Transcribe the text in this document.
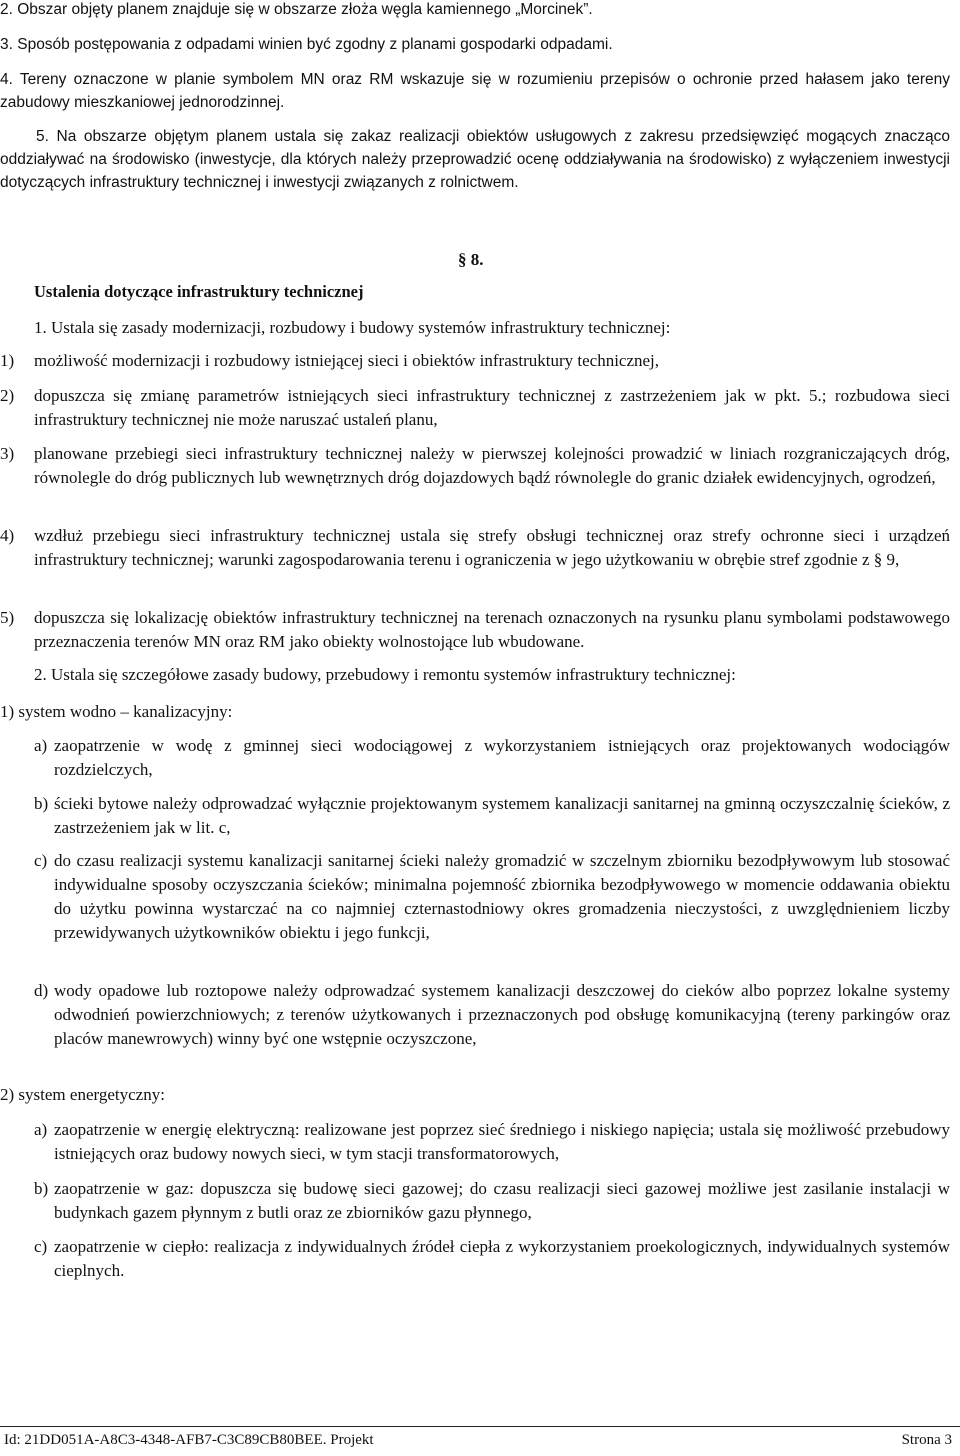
2. Obszar objęty planem znajduje się w obszarze złoża węgla kamiennego „Morcinek”.

3. Sposób postępowania z odpadami winien być zgodny z planami gospodarki odpadami.

4. Tereny oznaczone w planie symbolem MN oraz RM wskazuje się w rozumieniu przepisów o ochronie przed hałasem jako tereny zabudowy mieszkaniowej jednorodzinnej.

5. Na obszarze objętym planem ustala się zakaz realizacji obiektów usługowych z zakresu przedsięwzięć mogących znacząco oddziaływać na środowisko (inwestycje, dla których należy przeprowadzić ocenę oddziaływania na środowisko) z wyłączeniem inwestycji dotyczących infrastruktury technicznej i inwestycji związanych z rolnictwem.

§ 8.
Ustalenia dotyczące infrastruktury technicznej

1. Ustala się zasady modernizacji, rozbudowy i budowy systemów infrastruktury technicznej:

1) możliwość modernizacji i rozbudowy istniejącej sieci i obiektów infrastruktury technicznej,

2) dopuszcza się zmianę parametrów istniejących sieci infrastruktury technicznej z zastrzeżeniem jak w pkt. 5.; rozbudowa sieci infrastruktury technicznej nie może naruszać ustaleń planu,

3) planowane przebiegi sieci infrastruktury technicznej należy w pierwszej kolejności prowadzić w liniach rozgraniczających dróg, równolegle do dróg publicznych lub wewnętrznych dróg dojazdowych bądź równolegle do granic działek ewidencyjnych, ogrodzeń,

4) wzdłuż przebiegu sieci infrastruktury technicznej ustala się strefy obsługi technicznej oraz strefy ochronne sieci i urządzeń infrastruktury technicznej; warunki zagospodarowania terenu i ograniczenia w jego użytkowaniu w obrębie stref zgodnie z § 9,

5) dopuszcza się lokalizację obiektów infrastruktury technicznej na terenach oznaczonych na rysunku planu symbolami podstawowego przeznaczenia terenów MN oraz RM jako obiekty wolnostojące lub wbudowane.

2. Ustala się szczegółowe zasady budowy, przebudowy i remontu systemów infrastruktury technicznej:

1) system wodno – kanalizacyjny:
a) zaopatrzenie w wodę z gminnej sieci wodociągowej z wykorzystaniem istniejących oraz projektowanych wodociągów rozdzielczych,

b) ścieki bytowe należy odprowadzać wyłącznie projektowanym systemem kanalizacji sanitarnej na gminną oczyszczalnię ścieków, z zastrzeżeniem jak w lit. c,

c) do czasu realizacji systemu kanalizacji sanitarnej ścieki należy gromadzić w szczelnym zbiorniku bezodpływowym lub stosować indywidualne sposoby oczyszczania ścieków; minimalna pojemność zbiornika bezodpływowego w momencie oddawania obiektu do użytku powinna wystarczać na co najmniej czternastodniowy okres gromadzenia nieczystości, z uwzględnieniem liczby przewidywanych użytkowników obiektu i jego funkcji,

d) wody opadowe lub roztopowe należy odprowadzać systemem kanalizacji deszczowej do cieków albo poprzez lokalne systemy odwodnień powierzchniowych; z terenów użytkowanych i przeznaczonych pod obsługę komunikacyjną (tereny parkingów oraz placów manewrowych) winny być one wstępnie oczyszczone,

2) system energetyczny:
a) zaopatrzenie w energię elektryczną: realizowane jest poprzez sieć średniego i niskiego napięcia; ustala się możliwość przebudowy istniejących oraz budowy nowych sieci, w tym stacji transformatorowych,

b) zaopatrzenie w gaz: dopuszcza się budowę sieci gazowej; do czasu realizacji sieci gazowej możliwe jest zasilanie instalacji w budynkach gazem płynnym z butli oraz ze zbiorników gazu płynnego,

c) zaopatrzenie w ciepło: realizacja z indywidualnych źródeł ciepła z wykorzystaniem proekologicznych, indywidualnych systemów cieplnych.

Id: 21DD051A-A8C3-4348-AFB7-C3C89CB80BEE. Projekt	Strona 3
